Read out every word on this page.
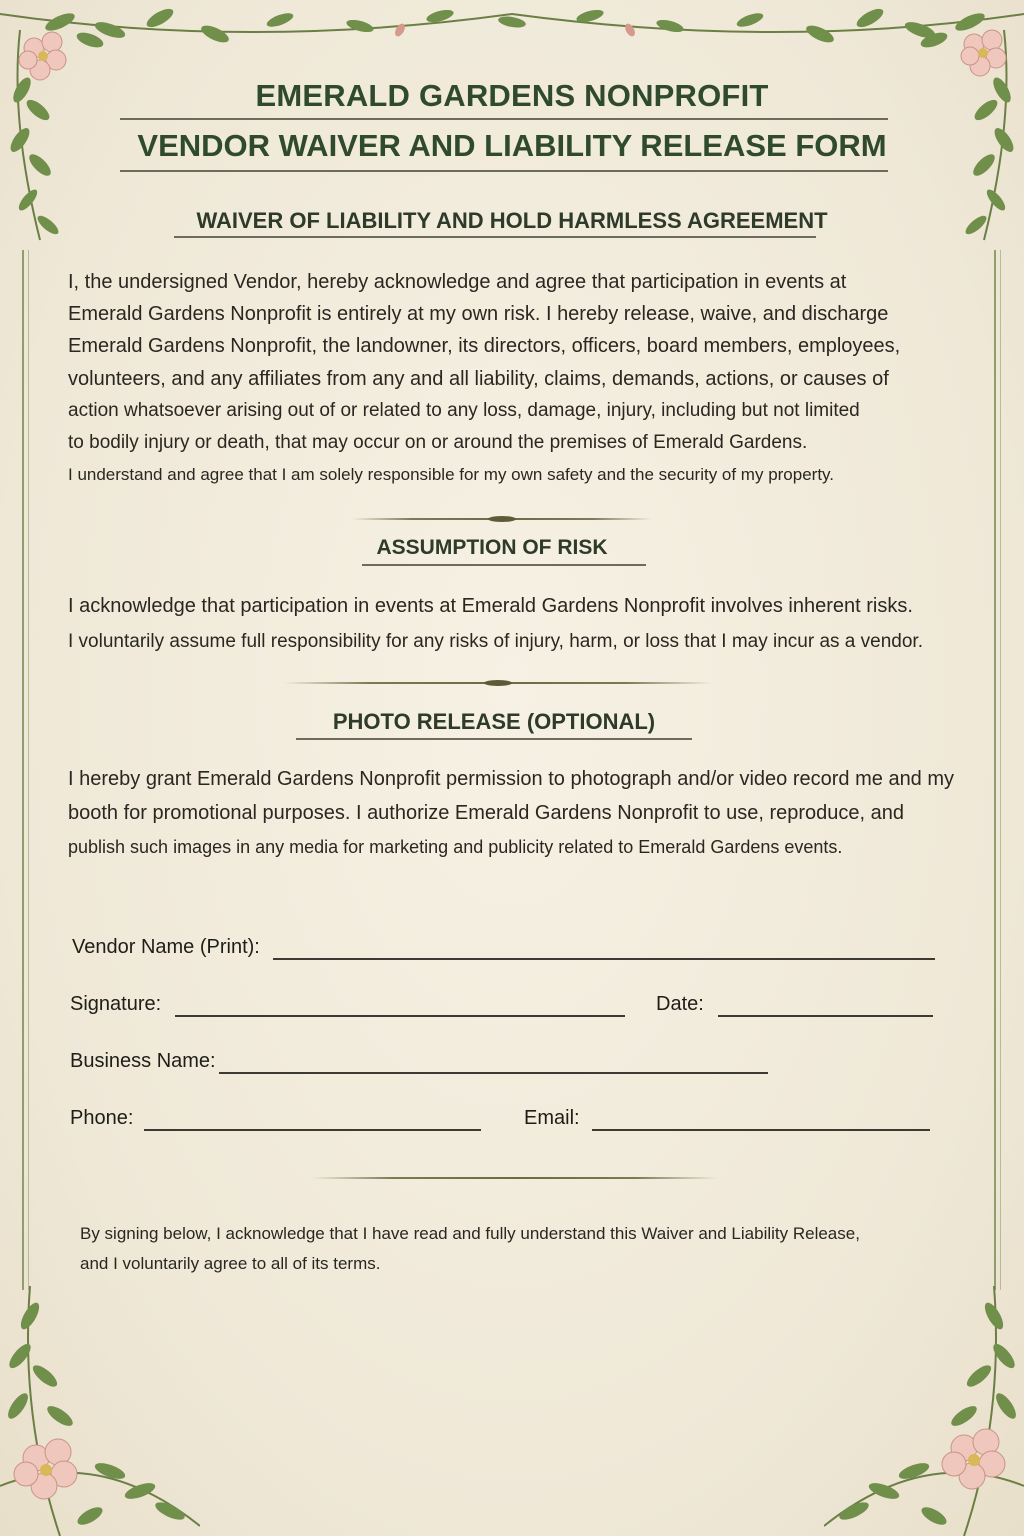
EMERALD GARDENS NONPROFIT
VENDOR WAIVER AND LIABILITY RELEASE FORM
WAIVER OF LIABILITY AND HOLD HARMLESS AGREEMENT
I, the undersigned Vendor, hereby acknowledge and agree that participation in events at
Emerald Gardens Nonprofit is entirely at my own risk. I hereby release, waive, and discharge
Emerald Gardens Nonprofit, the landowner, its directors, officers, board members, employees,
volunteers, and any affiliates from any and all liability, claims, demands, actions, or causes of
action whatsoever arising out of or related to any loss, damage, injury, including but not limited
to bodily injury or death, that may occur on or around the premises of Emerald Gardens.
I understand and agree that I am solely responsible for my own safety and the security of my property.
ASSUMPTION OF RISK
I acknowledge that participation in events at Emerald Gardens Nonprofit involves inherent risks.
I voluntarily assume full responsibility for any risks of injury, harm, or loss that I may incur as a vendor.
PHOTO RELEASE (OPTIONAL)
I hereby grant Emerald Gardens Nonprofit permission to photograph and/or video record me and my
booth for promotional purposes. I authorize Emerald Gardens Nonprofit to use, reproduce, and
publish such images in any media for marketing and publicity related to Emerald Gardens events.
Vendor Name (Print):
Signature:	Date:
Business Name:
Phone:	Email:
By signing below, I acknowledge that I have read and fully understand this Waiver and Liability Release,
and I voluntarily agree to all of its terms.
